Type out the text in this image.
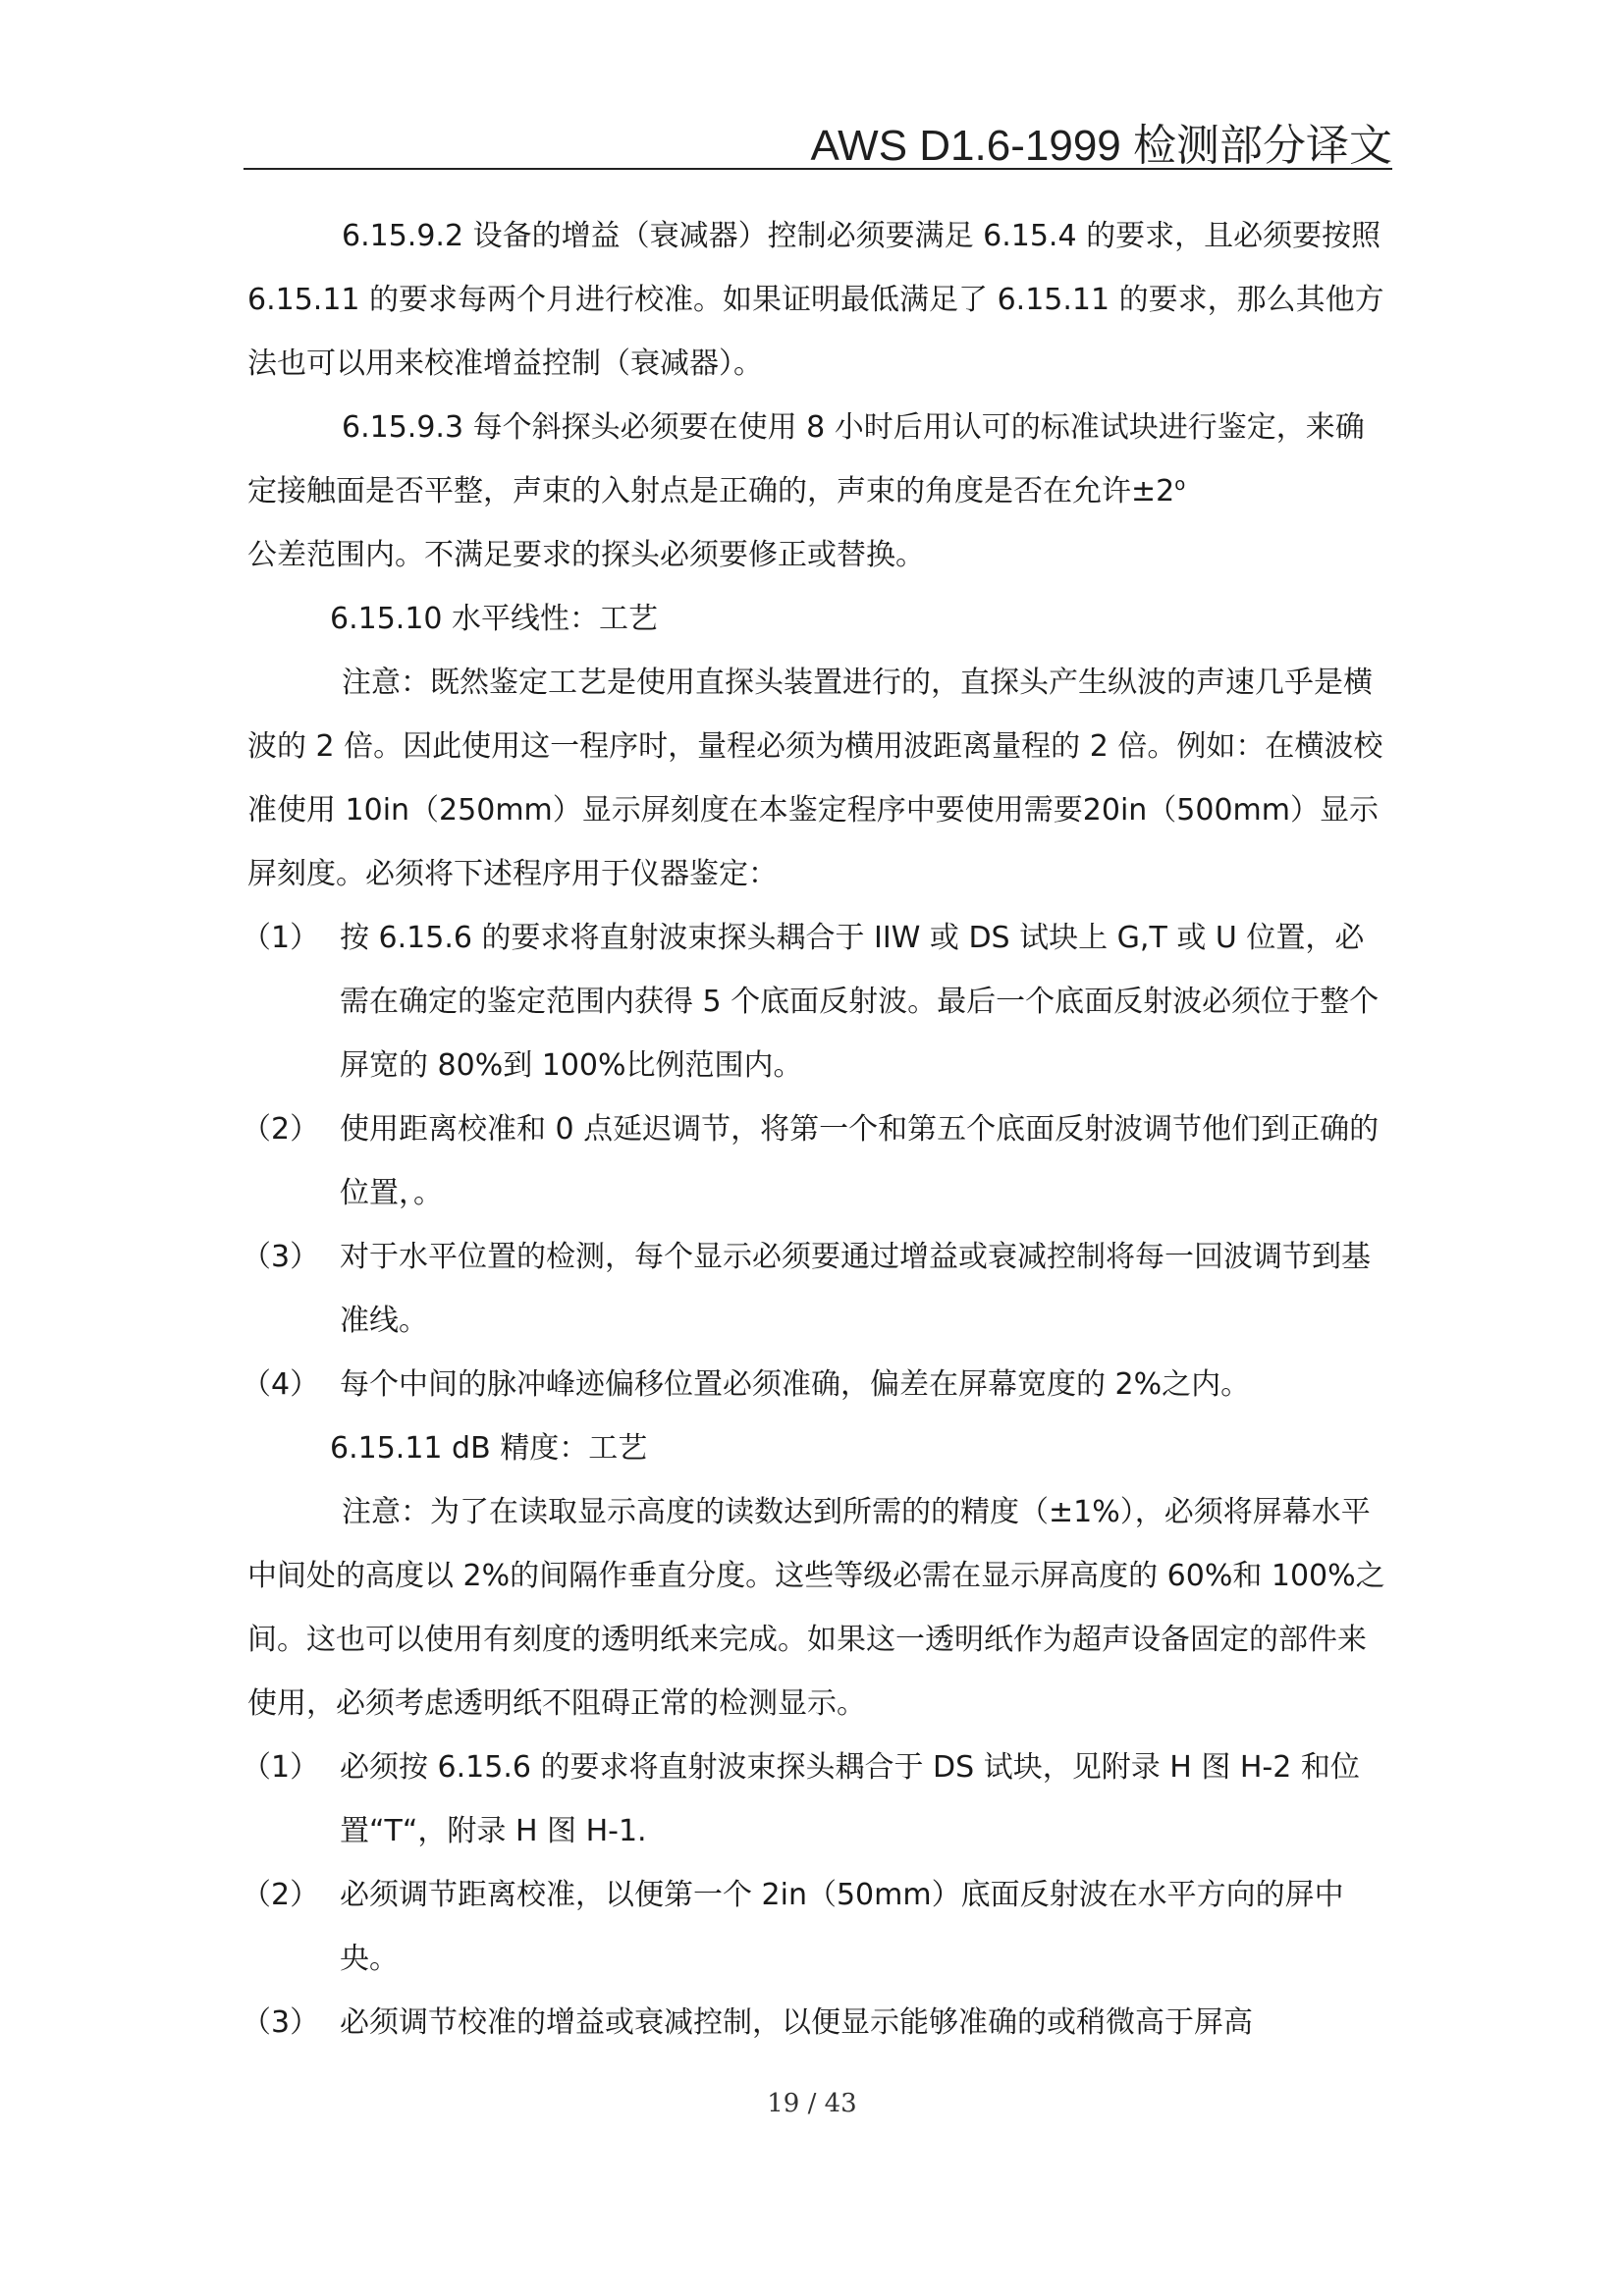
AWS D1.6-1999 检测部分译文

6.15.9.2 设备的增益（衰减器）控制必须要满足 6.15.4 的要求，且必须要按照 6.15.11 的要求每两个月进行校准。如果证明最低满足了 6.15.11 的要求，那么其他方法也可以用来校准增益控制（衰减器）。

6.15.9.3 每个斜探头必须要在使用 8 小时后用认可的标准试块进行鉴定，来确定接触面是否平整，声束的入射点是正确的，声束的角度是否在允许$\pm 2^o$
公差范围内。不满足要求的探头必须要修正或替换。

6.15.10 水平线性：工艺

注意：既然鉴定工艺是使用直探头装置进行的，直探头产生纵波的声速几乎是横波的 2 倍。因此使用这一程序时，量程必须为横用波距离量程的 2 倍。例如：在横波校准使用 10in（250mm）显示屏刻度在本鉴定程序中要使用需要20in（500mm）显示屏刻度。必须将下述程序用于仪器鉴定：

（1） 按 6.15.6 的要求将直射波束探头耦合于 IIW 或 DS 试块上 G,T 或 U 位置，必需在确定的鉴定范围内获得 5 个底面反射波。最后一个底面反射波必须位于整个屏宽的 80%到 100%比例范围内。
（2） 使用距离校准和 0 点延迟调节，将第一个和第五个底面反射波调节他们到正确的位置，。
（3） 对于水平位置的检测，每个显示必须要通过增益或衰减控制将每一回波调节到基准线。
（4） 每个中间的脉冲峰迹偏移位置必须准确，偏差在屏幕宽度的 2%之内。

6.15.11 dB 精度：工艺

注意：为了在读取显示高度的读数达到所需的的精度（±1%），必须将屏幕水平中间处的高度以 2%的间隔作垂直分度。这些等级必需在显示屏高度的 60%和 100%之间。这也可以使用有刻度的透明纸来完成。如果这一透明纸作为超声设备固定的部件来使用，必须考虑透明纸不阻碍正常的检测显示。

（1） 必须按 6.15.6 的要求将直射波束探头耦合于 DS 试块，见附录 H 图 H-2 和位置“T“，附录 H 图 H-1.
（2） 必须调节距离校准，以便第一个 2in（50mm）底面反射波在水平方向的屏中央。
（3） 必须调节校准的增益或衰减控制，以便显示能够准确的或稍微高于屏高
19 / 43
